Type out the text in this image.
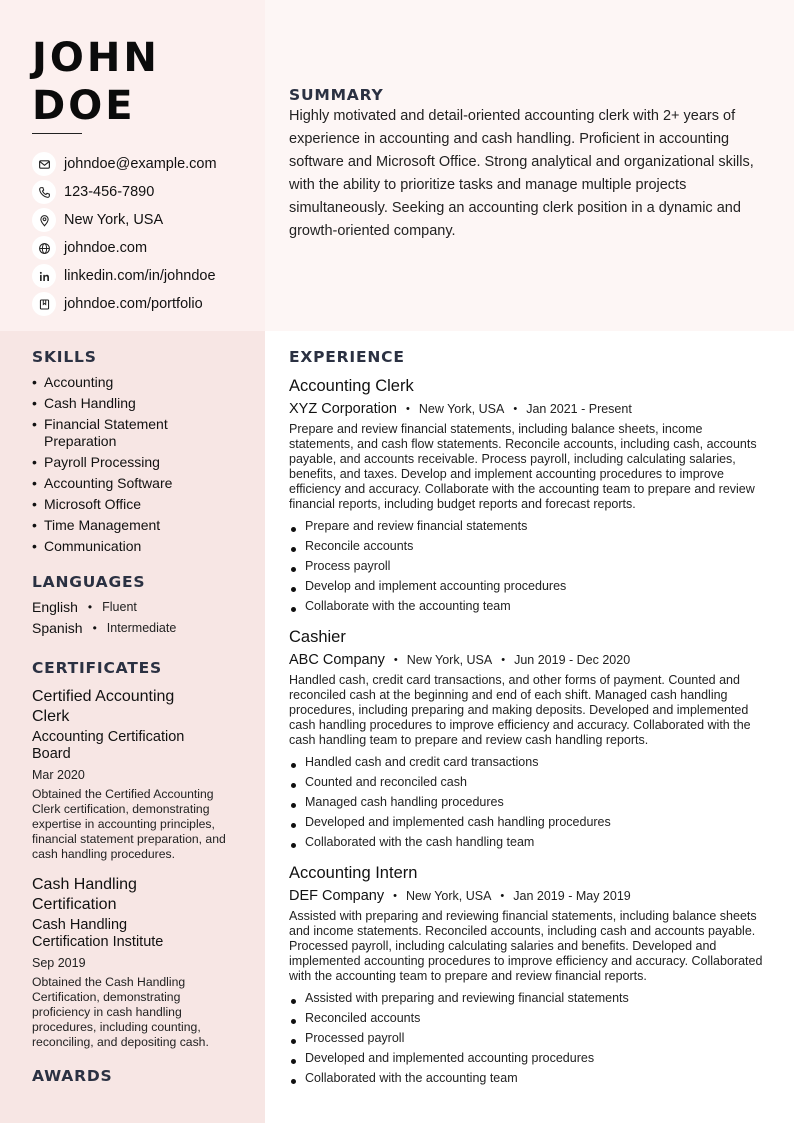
JOHN
DOE
johndoe@example.com
123-456-7890
New York, USA
johndoe.com
linkedin.com/in/johndoe
johndoe.com/portfolio
SUMMARY
Highly motivated and detail-oriented accounting clerk with 2+ years of experience in accounting and cash handling. Proficient in accounting software and Microsoft Office. Strong analytical and organizational skills, with the ability to prioritize tasks and manage multiple projects simultaneously. Seeking an accounting clerk position in a dynamic and growth-oriented company.
SKILLS
• Accounting
• Cash Handling
• Financial Statement Preparation
• Payroll Processing
• Accounting Software
• Microsoft Office
• Time Management
• Communication
LANGUAGES
English • Fluent
Spanish • Intermediate
CERTIFICATES
Certified Accounting Clerk
Accounting Certification Board
Mar 2020
Obtained the Certified Accounting Clerk certification, demonstrating expertise in accounting principles, financial statement preparation, and cash handling procedures.
Cash Handling Certification
Cash Handling Certification Institute
Sep 2019
Obtained the Cash Handling Certification, demonstrating proficiency in cash handling procedures, including counting, reconciling, and depositing cash.
AWARDS
EXPERIENCE
Accounting Clerk
XYZ Corporation • New York, USA • Jan 2021 - Present
Prepare and review financial statements, including balance sheets, income statements, and cash flow statements. Reconcile accounts, including cash, accounts payable, and accounts receivable. Process payroll, including calculating salaries, benefits, and taxes. Develop and implement accounting procedures to improve efficiency and accuracy. Collaborate with the accounting team to prepare and review financial reports, including budget reports and forecast reports.
Prepare and review financial statements
Reconcile accounts
Process payroll
Develop and implement accounting procedures
Collaborate with the accounting team
Cashier
ABC Company • New York, USA • Jun 2019 - Dec 2020
Handled cash, credit card transactions, and other forms of payment. Counted and reconciled cash at the beginning and end of each shift. Managed cash handling procedures, including preparing and making deposits. Developed and implemented cash handling procedures to improve efficiency and accuracy. Collaborated with the cash handling team to prepare and review cash handling reports.
Handled cash and credit card transactions
Counted and reconciled cash
Managed cash handling procedures
Developed and implemented cash handling procedures
Collaborated with the cash handling team
Accounting Intern
DEF Company • New York, USA • Jan 2019 - May 2019
Assisted with preparing and reviewing financial statements, including balance sheets and income statements. Reconciled accounts, including cash and accounts payable. Processed payroll, including calculating salaries and benefits. Developed and implemented accounting procedures to improve efficiency and accuracy. Collaborated with the accounting team to prepare and review financial reports.
Assisted with preparing and reviewing financial statements
Reconciled accounts
Processed payroll
Developed and implemented accounting procedures
Collaborated with the accounting team
